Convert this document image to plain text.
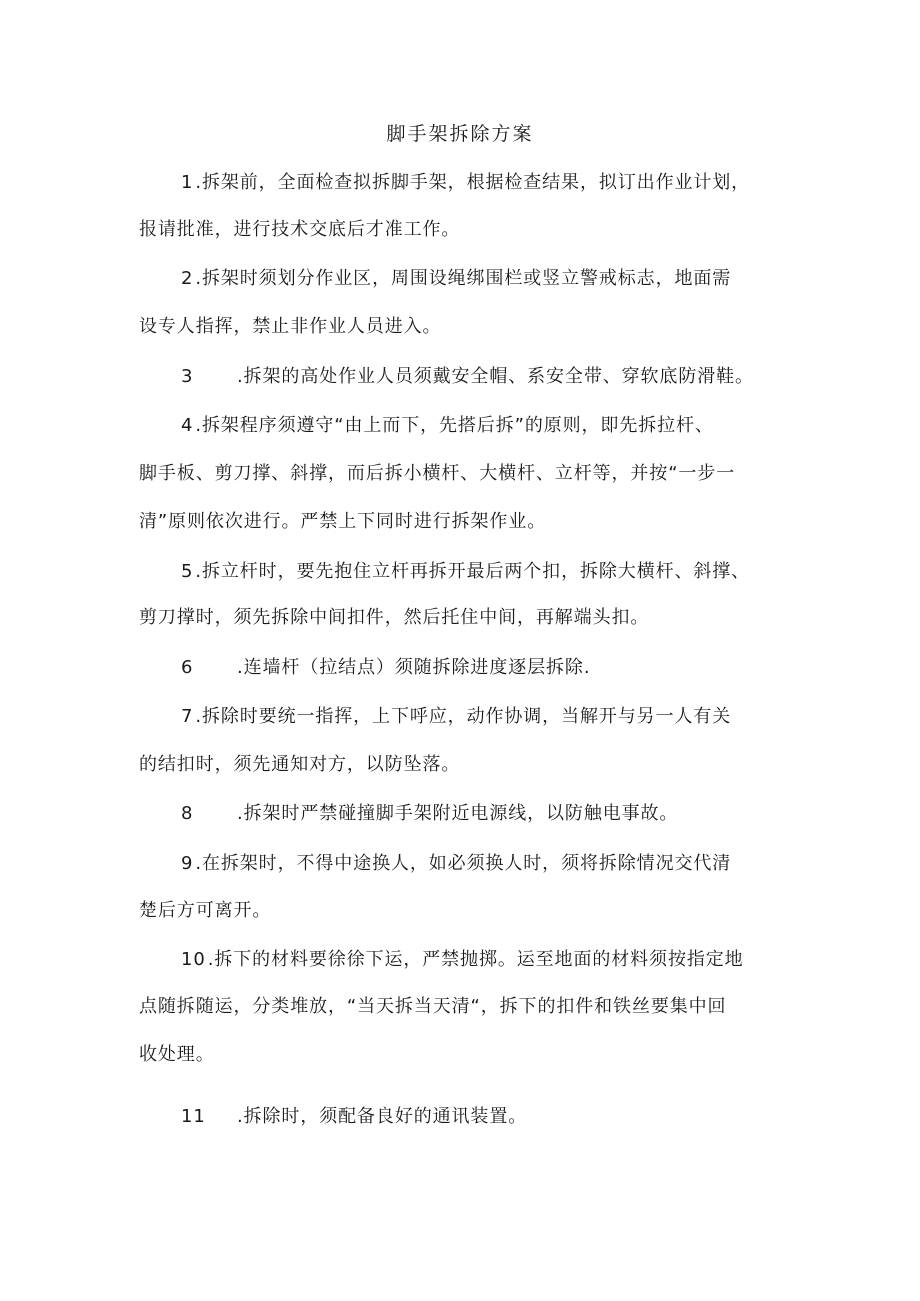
脚手架拆除方案
1 .拆架前，全面检查拟拆脚手架，根据检查结果，拟订出作业计划，
报请批准，进行技术交底后才准工作。
2 .拆架时须划分作业区，周围设绳绑围栏或竖立警戒标志，地面需
设专人指挥，禁止非作业人员进入。
3 .拆架的高处作业人员须戴安全帽、系安全带、穿软底防滑鞋。
4 .拆架程序须遵守“由上而下，先搭后拆”的原则，即先拆拉杆、
脚手板、剪刀撑、斜撑，而后拆小横杆、大横杆、立杆等，并按“一步一
清”原则依次进行。严禁上下同时进行拆架作业。
5 .拆立杆时，要先抱住立杆再拆开最后两个扣，拆除大横杆、斜撑、
剪刀撑时，须先拆除中间扣件，然后托住中间，再解端头扣。
6 .连墙杆（拉结点）须随拆除进度逐层拆除.
7 .拆除时要统一指挥，上下呼应，动作协调，当解开与另一人有关
的结扣时，须先通知对方，以防坠落。
8 .拆架时严禁碰撞脚手架附近电源线，以防触电事故。
9 .在拆架时，不得中途换人，如必须换人时，须将拆除情况交代清
楚后方可离开。
10 .拆下的材料要徐徐下运，严禁抛掷。运至地面的材料须按指定地
点随拆随运，分类堆放，“当天拆当天清“，拆下的扣件和铁丝要集中回
收处理。
11 .拆除时，须配备良好的通讯装置。
